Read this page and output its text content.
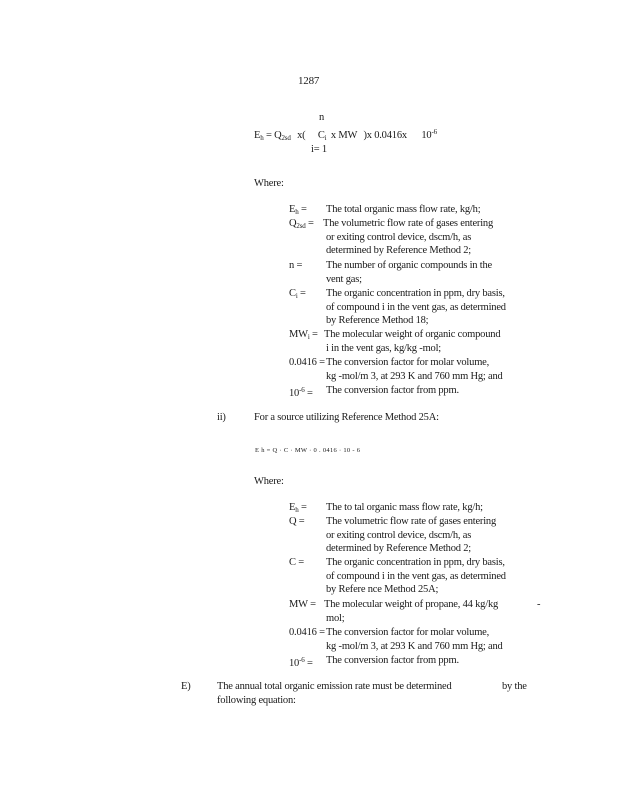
1287
n
$E_h = Q_{2sd}$ x( $C_i$ x MW )x 0.0416x $10^{-6}$
i= 1
Where:
$E_h$ = The total organic mass flow rate, kg/h;
$Q_{2sd}$ = The volumetric flow rate of gases entering
or exiting control device, dscm/h, as
determined by Reference Method 2;
n = The number of organic compounds in the
vent gas;
$C_i$ = The organic concentration in ppm, dry basis,
of compound i in the vent gas, as determined
by Reference Method 18;
$MW_i$ = The molecular weight of organic compound
i in the vent gas, kg/kg -mol;
0.0416 = The conversion factor for molar volume,
kg -mol/m 3, at 293 K and 760 mm Hg; and
$10^{-6}$ = The conversion factor from ppm.
ii)	For a source utilizing Reference Method 25A:
E h = Q · C · MW · 0 . 0416 · 10 - 6
Where:
$E_h$ = The to tal organic mass flow rate, kg/h;
Q = The volumetric flow rate of gases entering
or exiting control device, dscm/h, as
determined by Reference Method 2;
C = The organic concentration in ppm, dry basis,
of compound i in the vent gas, as determined
by Refere nce Method 25A;
MW = The molecular weight of propane, 44 kg/kg
mol;
-
0.0416 = The conversion factor for molar volume,
kg -mol/m 3, at 293 K and 760 mm Hg; and
$10^{-6}$ = The conversion factor from ppm.
E)	The annual total organic emission rate must be determined	by the
following equation:
